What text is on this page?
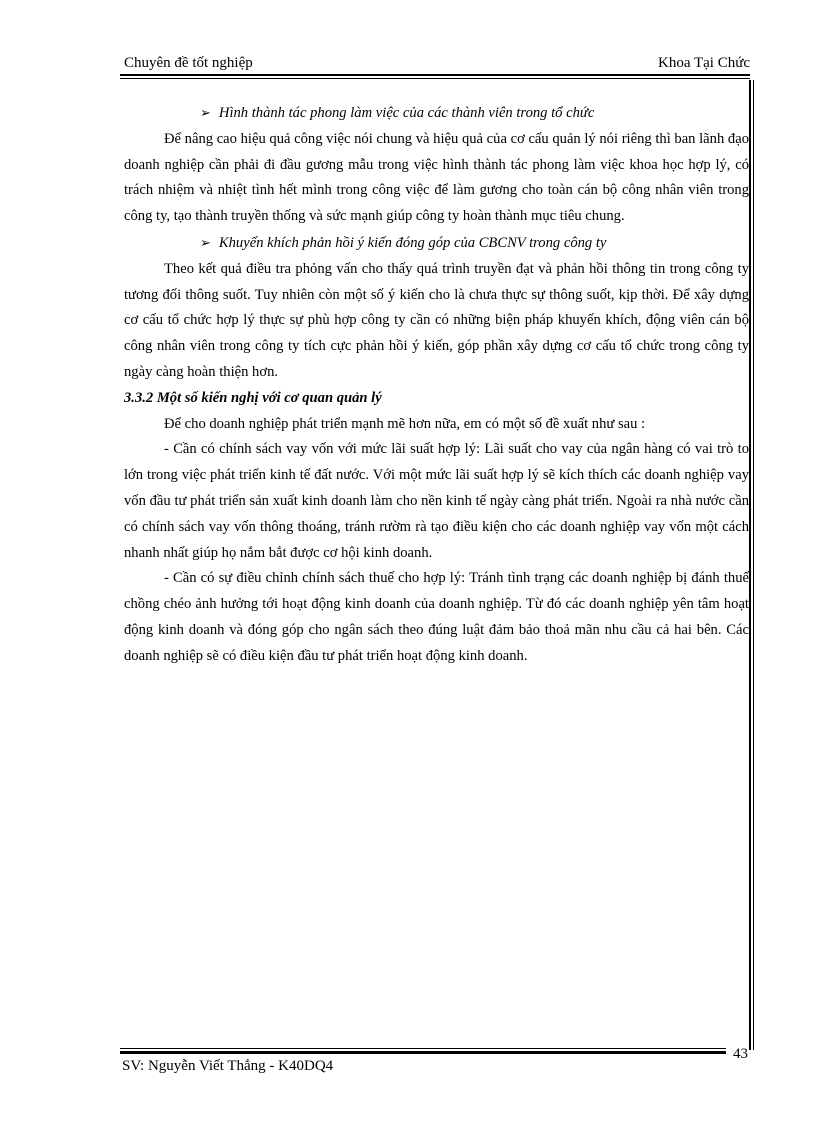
Chuyên đề tốt nghiệp	Khoa Tại Chức

➢ Hình thành tác phong làm việc của các thành viên trong tổ chức

Để nâng cao hiệu quả công việc nói chung và hiệu quả của cơ cấu quản lý nói riêng thì ban lãnh đạo doanh nghiệp cần phải đi đầu gương mẫu trong việc hình thành tác phong làm việc khoa học hợp lý, có trách nhiệm và nhiệt tình hết mình trong công việc để làm gương cho toàn cán bộ công nhân viên trong công ty, tạo thành truyền thống và sức mạnh giúp công ty hoàn thành mục tiêu chung.

➢ Khuyến khích phản hồi ý kiến đóng góp của CBCNV trong công ty

Theo kết quả điều tra phỏng vấn cho thấy quá trình truyền đạt và phản hồi thông tin trong công ty tương đối thông suốt. Tuy nhiên còn một số ý kiến cho là chưa thực sự thông suốt, kịp thời. Để xây dựng cơ cấu tổ chức hợp lý thực sự phù hợp công ty cần có những biện pháp khuyến khích, động viên cán bộ công nhân viên trong công ty tích cực phản hồi ý kiến, góp phần xây dựng cơ cấu tổ chức trong công ty ngày càng hoàn thiện hơn.

3.3.2 Một số kiến nghị với cơ quan quản lý

Để cho doanh nghiệp phát triển mạnh mẽ hơn nữa, em có một số đề xuất như sau :

- Cần có chính sách vay vốn với mức lãi suất hợp lý: Lãi suất cho vay của ngân hàng có vai trò to lớn trong việc phát triển kinh tế đất nước. Với một mức lãi suất hợp lý sẽ kích thích các doanh nghiệp vay vốn đầu tư phát triển sản xuất kinh doanh làm cho nền kinh tế ngày càng phát triển. Ngoài ra nhà nước cần có chính sách vay vốn thông thoáng, tránh rườm rà tạo điều kiện cho các doanh nghiệp vay vốn một cách nhanh nhất giúp họ nắm bắt được cơ hội kinh doanh.

- Cần có sự điều chỉnh chính sách thuế cho hợp lý: Tránh tình trạng các doanh nghiệp bị đánh thuế chồng chéo ảnh hưởng tới hoạt động kinh doanh của doanh nghiệp. Từ đó các doanh nghiệp yên tâm hoạt động kinh doanh và đóng góp cho ngân sách theo đúng luật đảm bảo thoả mãn nhu cầu cả hai bên. Các doanh nghiệp sẽ có điều kiện đầu tư phát triển hoạt động kinh doanh.

SV: Nguyễn Viết Thắng - K40DQ4
43
